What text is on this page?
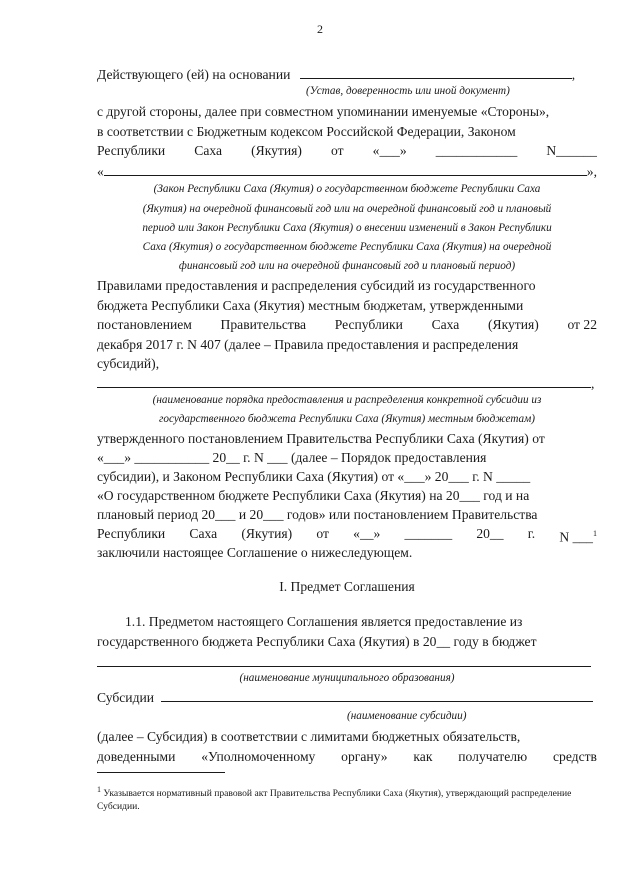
2
Действующего (ей) на основании	,
(Устав, доверенность или иной документ)
с другой стороны, далее при совместном упоминании именуемые «Стороны»,
в соответствии с Бюджетным кодексом Российской Федерации, Законом
Республики Саха (Якутия) от «___» ____________ N______
«	»,
(Закон Республики Саха (Якутия) о государственном бюджете Республики Саха
(Якутия) на очередной финансовый год или на очередной финансовый год и плановый
период или Закон Республики Саха (Якутия) о внесении изменений в Закон Республики
Саха (Якутия) о государственном бюджете Республики Саха (Якутия) на очередной
финансовый год или на очередной финансовый год и плановый период)
Правилами предоставления и распределения субсидий из государственного
бюджета Республики Саха (Якутия) местным бюджетам, утвержденными
постановлением Правительства Республики Саха (Якутия) от 22
декабря 2017 г. N 407 (далее – Правила предоставления и распределения
субсидий),
,
(наименование порядка предоставления и распределения конкретной субсидии из
государственного бюджета Республики Саха (Якутия) местным бюджетам)
утвержденного постановлением Правительства Республики Саха (Якутия) от
«___» ___________ 20__ г. N ___ (далее – Порядок предоставления
субсидии), и Законом Республики Саха (Якутия) от «___» 20___ г. N _____
«О государственном бюджете Республики Саха (Якутия) на 20___ год и на
плановый период 20___ и 20___ годов» или постановлением Правительства
Республики Саха (Якутия) от «__» _______ 20__ г. N ___$^1$
заключили настоящее Соглашение о нижеследующем.
I. Предмет Соглашения
1.1. Предметом настоящего Соглашения является предоставление из
государственного бюджета Республики Саха (Якутия) в 20__ году в бюджет
(наименование муниципального образования)
Субсидии
(наименование субсидии)
(далее – Субсидия) в соответствии с лимитами бюджетных обязательств,
доведенными «Уполномоченному органу» как получателю средств
$^1$ Указывается нормативный правовой акт Правительства Республики Саха (Якутия), утверждающий распределение Субсидии.
